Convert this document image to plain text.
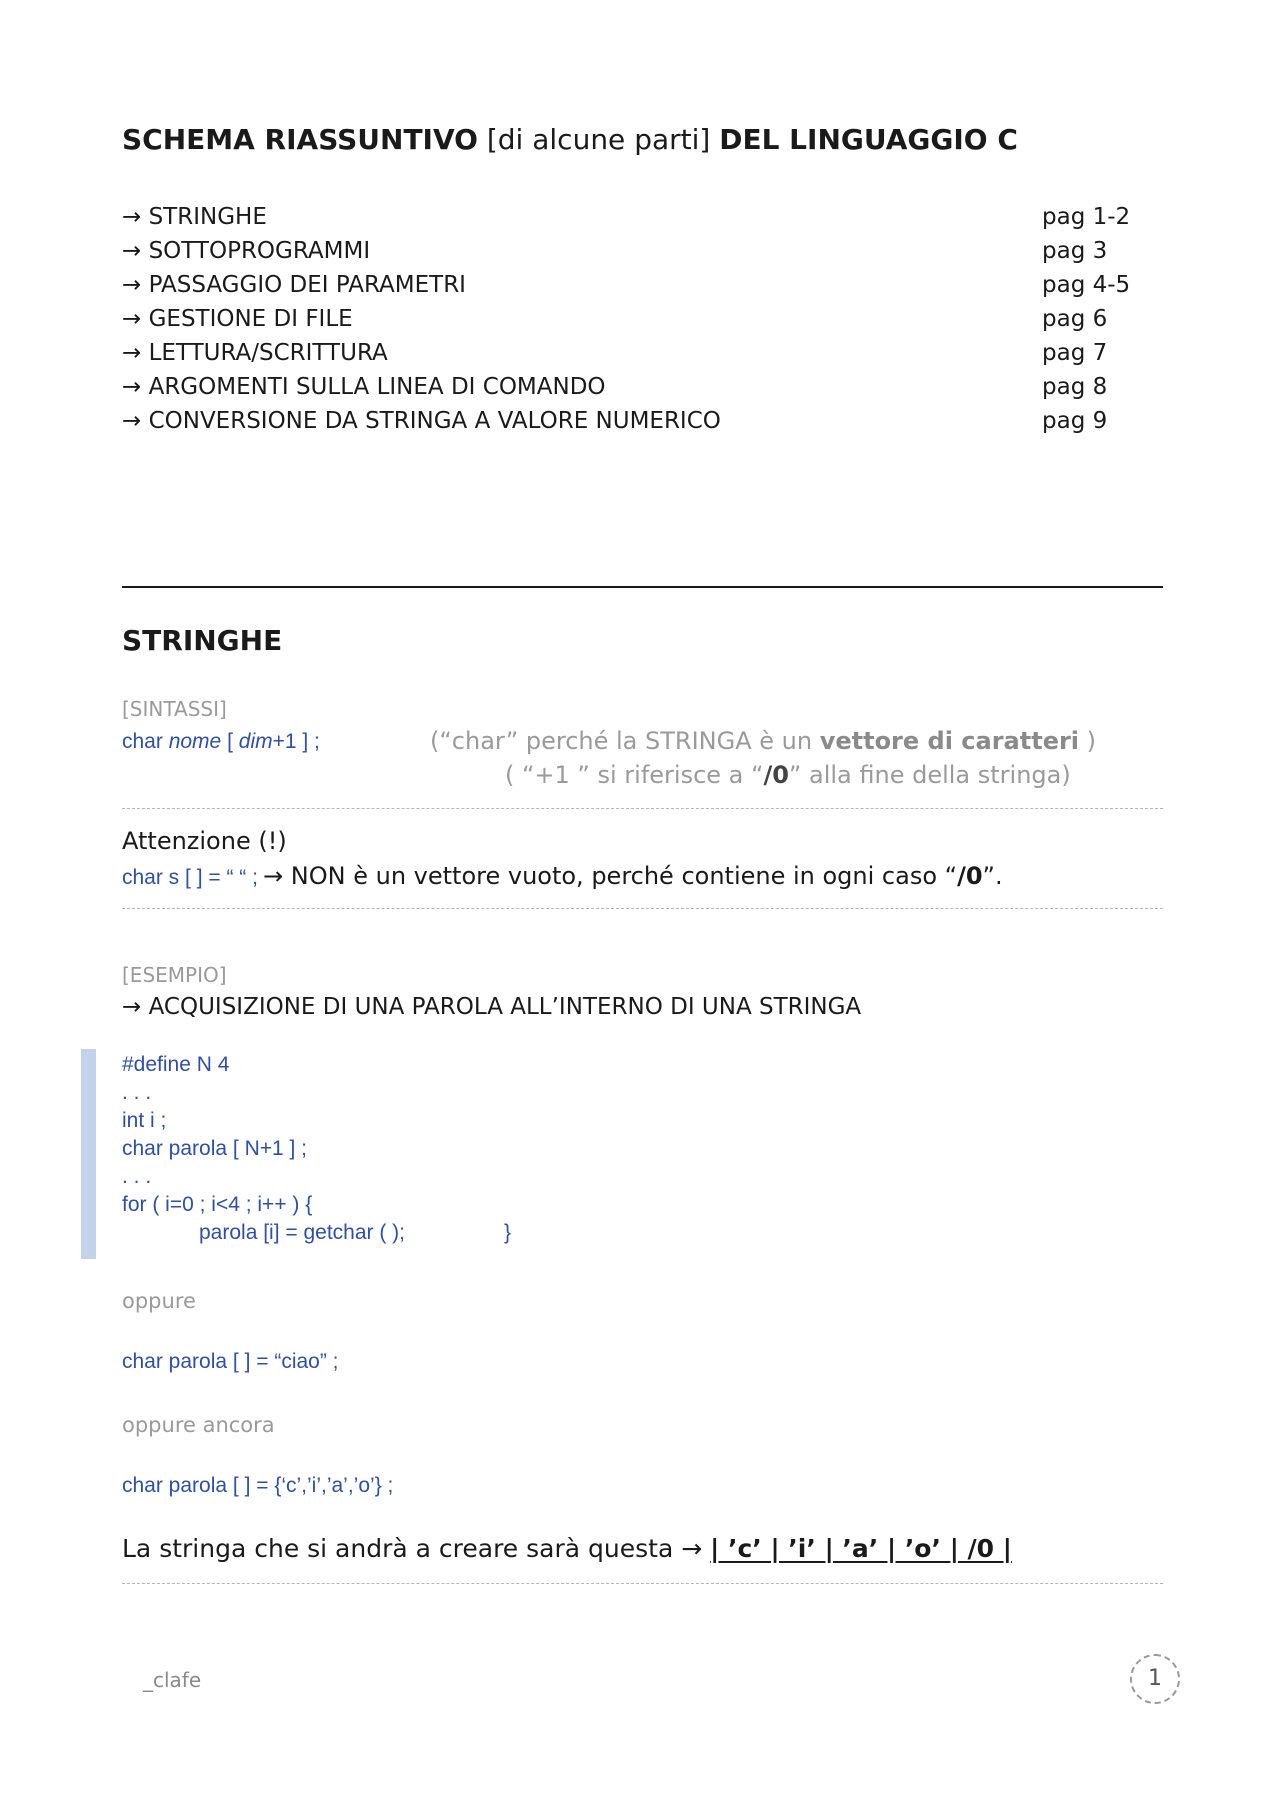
SCHEMA RIASSUNTIVO [di alcune parti] DEL LINGUAGGIO C
→ STRINGHE	pag 1-2
→ SOTTOPROGRAMMI	pag 3
→ PASSAGGIO DEI PARAMETRI	pag 4-5
→ GESTIONE DI FILE	pag 6
→ LETTURA/SCRITTURA	pag 7
→ ARGOMENTI SULLA LINEA DI COMANDO	pag 8
→ CONVERSIONE DA STRINGA A VALORE NUMERICO	pag 9
STRINGHE
[SINTASSI]
char nome [ dim+1 ] ;	(“char” perché la STRINGA è un vettore di caratteri )
( “+1 ” si riferisce a “/0” alla fine della stringa)
Attenzione (!)
char s [ ] = “ “ ; → NON è un vettore vuoto, perché contiene in ogni caso “/0”.
[ESEMPIO]
→ ACQUISIZIONE DI UNA PAROLA ALL’INTERNO DI UNA STRINGA
#define N 4
. . .
int i ;
char parola [ N+1 ] ;
. . .
for ( i=0 ; i<4 ; i++ ) {
parola [i] = getchar ( );	}
oppure
char parola [ ] = “ciao” ;
oppure ancora
char parola [ ] = {‘c’,’i’,’a’,’o’} ;
La stringa che si andrà a creare sarà questa → | ’c’ | ’i’ | ’a’ | ’o’ | /0 |
_clafe	1
